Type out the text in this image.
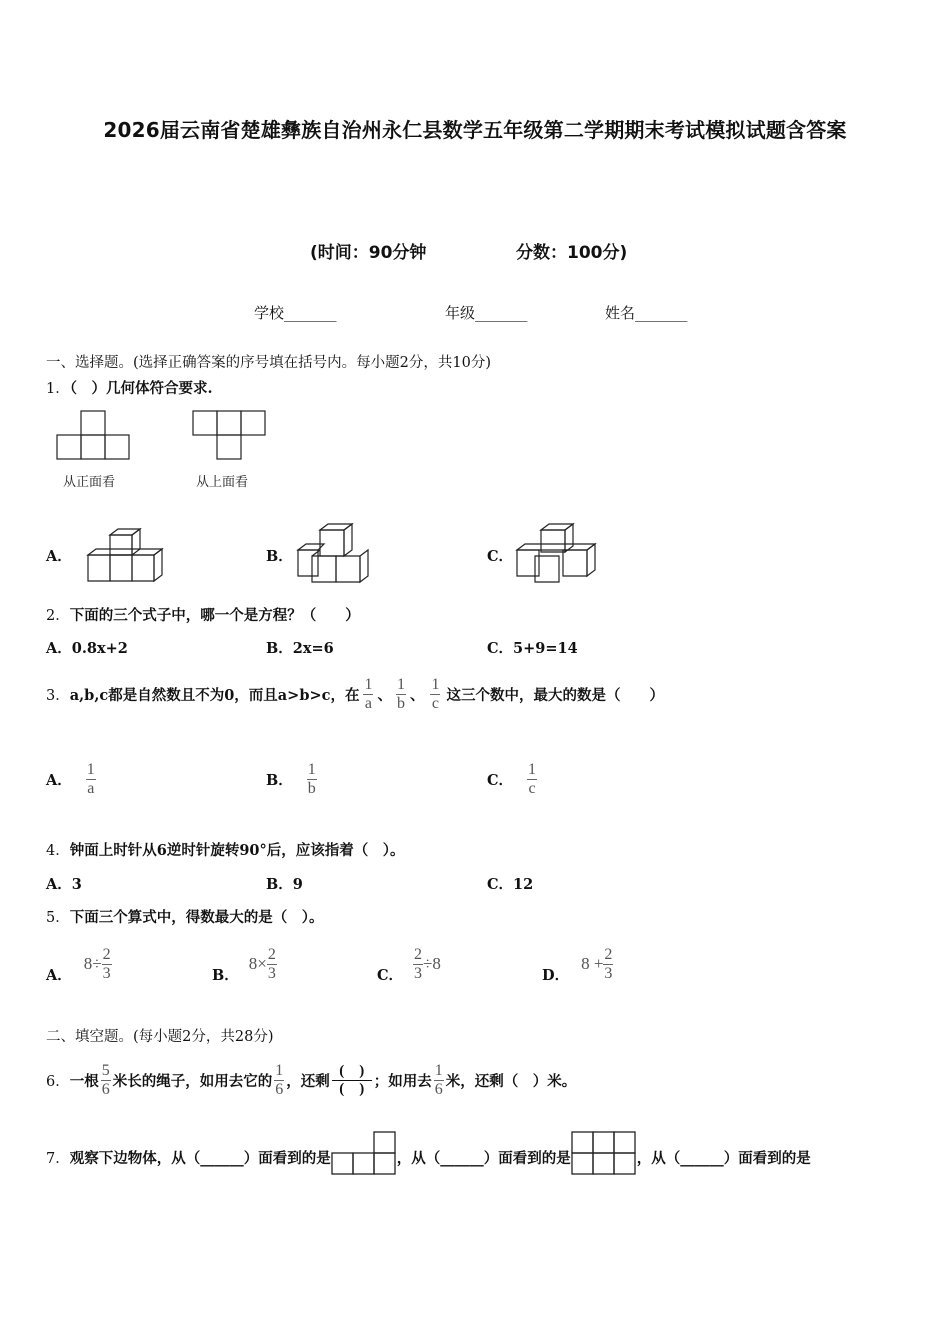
2026届云南省楚雄彝族自治州永仁县数学五年级第二学期期末考试模拟试题含答案
(时间：90分钟	分数：100分)
学校_______	年级_______	姓名_______
一、选择题。(选择正确答案的序号填在括号内。每小题2分，共10分)
1．（　）几何体符合要求.
从正面看	从上面看
A．	B．	C．
2．下面的三个式子中，哪一个是方程？（　　）
A．0.8x+2	B．2x=6	C．5+9=14
3． a,b,c都是自然数且不为0，而且a>b>c，在 $\frac{1}{a}$ 、 $\frac{1}{b}$ 、 $\frac{1}{c}$ 这三个数中，最大的数是（　　）
A． $\frac{1}{a}$	B． $\frac{1}{b}$	C． $\frac{1}{c}$
4．钟面上时针从6逆时针旋转90°后，应该指着（　）。
A．3	B．9	C．12
5．下面三个算式中，得数最大的是（　）。
A．
$8\div \frac{2}{3}$	B．
$8\times \frac{2}{3}$	C． $\frac{2}{3} \div 8$
D．
$8 + \frac{2}{3}$
二、填空题。(每小题2分，共28分)
6． 一根 $\frac{5}{6}$ 米长的绳子，如用去它的 $\frac{1}{6}$ ，还剩 $\frac{( )}{( )}$ ；如用去 $\frac{1}{6}$ 米，还剩（　）米。
7． 观察下边物体，从（______）面看到的是	，从（______）面看到的是	，从（______）面看到的是
